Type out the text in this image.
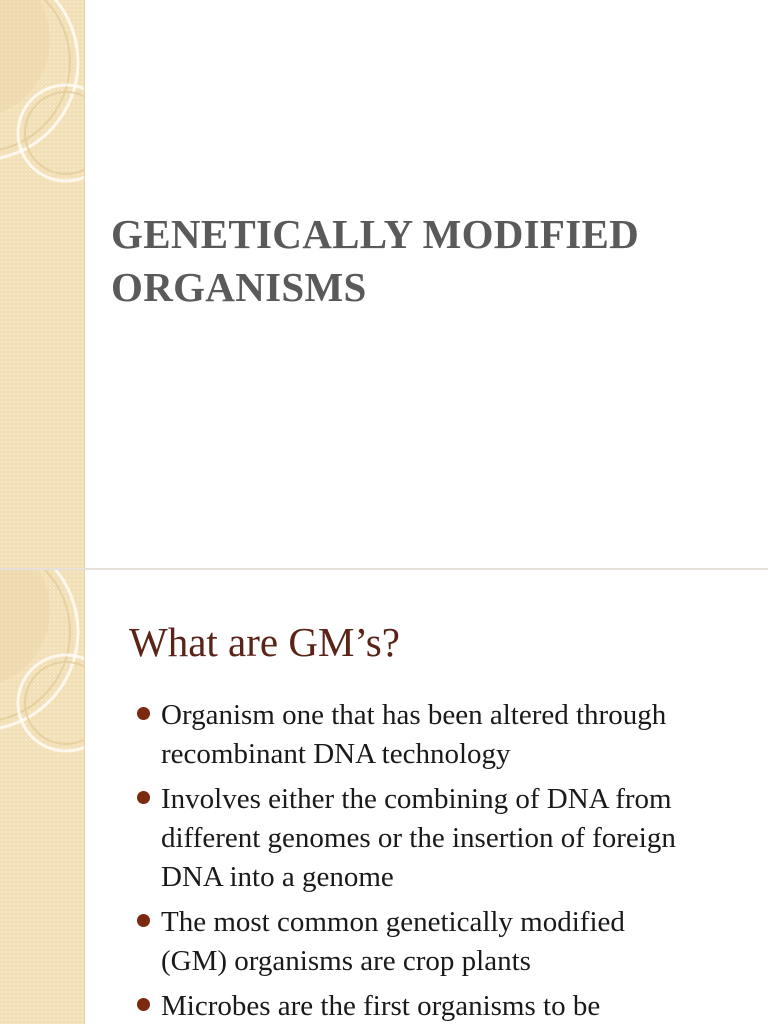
GENETICALLY MODIFIED
ORGANISMS
What are GM’s?
Organism one that has been altered through
recombinant DNA technology
Involves either the combining of DNA from
different genomes or the insertion of foreign
DNA into a genome
The most common genetically modified
(GM) organisms are crop plants
Microbes are the first organisms to be
